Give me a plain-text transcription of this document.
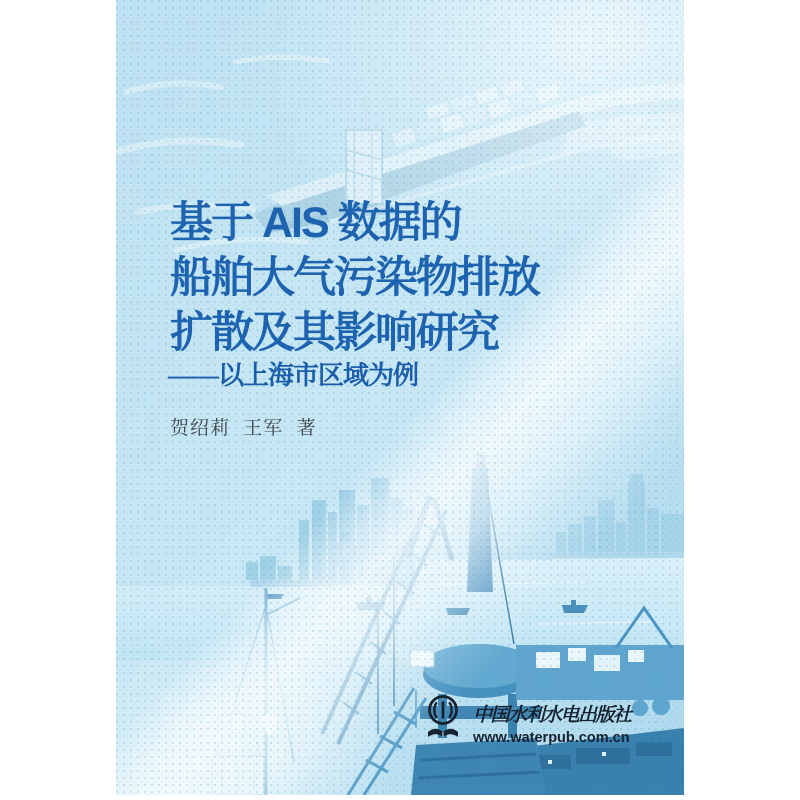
基于 AIS 数据的
船舶大气污染物排放
扩散及其影响研究
——以上海市区域为例
贺绍莉 王军 著
中国水利水电出版社
www.waterpub.com.cn
